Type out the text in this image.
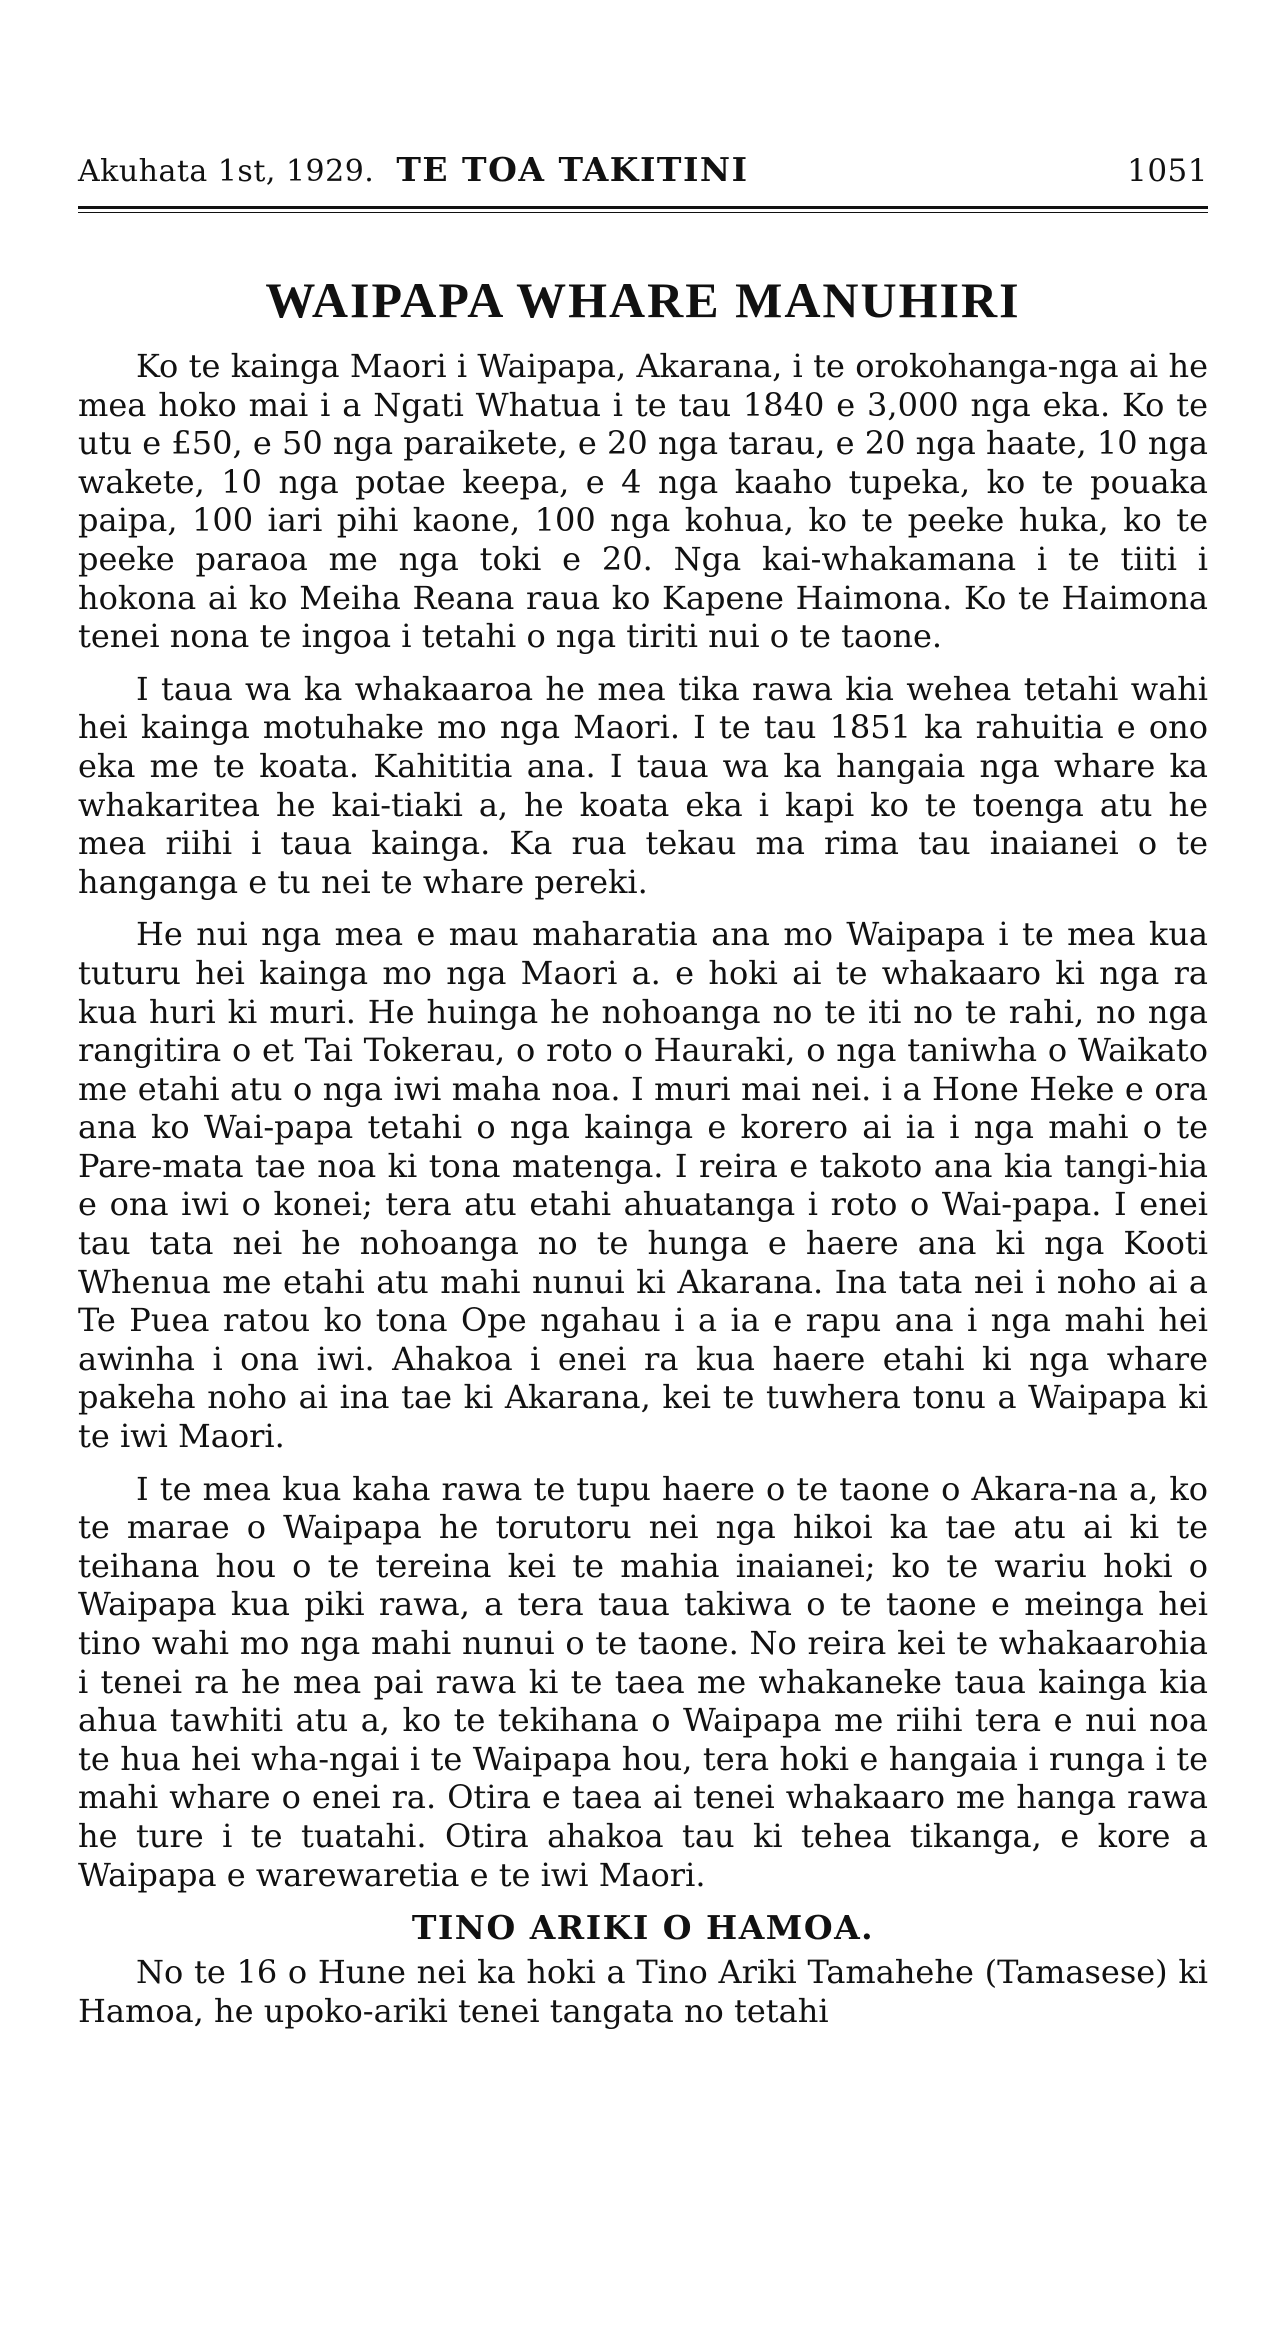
Akuhata 1st, 1929. TE TOA TAKITINI	1051
WAIPAPA WHARE MANUHIRI

Ko te kainga Maori i Waipapa, Akarana, i te orokohanga-nga ai he mea hoko mai i a Ngati Whatua i te tau 1840 e 3,000 nga eka. Ko te utu e £50, e 50 nga paraikete, e 20 nga tarau, e 20 nga haate, 10 nga wakete, 10 nga potae keepa, e 4 nga kaaho tupeka, ko te pouaka paipa, 100 iari pihi kaone, 100 nga kohua, ko te peeke huka, ko te peeke paraoa me nga toki e 20. Nga kai-whakamana i te tiiti i hokona ai ko Meiha Reana raua ko Kapene Haimona. Ko te Haimona tenei nona te ingoa i tetahi o nga tiriti nui o te taone.

I taua wa ka whakaaroa he mea tika rawa kia wehea tetahi wahi hei kainga motuhake mo nga Maori. I te tau 1851 ka rahuitia e ono eka me te koata. Kahititia ana. I taua wa ka hangaia nga whare ka whakaritea he kai-tiaki a, he koata eka i kapi ko te toenga atu he mea riihi i taua kainga. Ka rua tekau ma rima tau inaianei o te hanganga e tu nei te whare pereki.

He nui nga mea e mau maharatia ana mo Waipapa i te mea kua tuturu hei kainga mo nga Maori a. e hoki ai te whakaaro ki nga ra kua huri ki muri. He huinga he nohoanga no te iti no te rahi, no nga rangitira o et Tai Tokerau, o roto o Hauraki, o nga taniwha o Waikato me etahi atu o nga iwi maha noa. I muri mai nei. i a Hone Heke e ora ana ko Wai-papa tetahi o nga kainga e korero ai ia i nga mahi o te Pare-mata tae noa ki tona matenga. I reira e takoto ana kia tangi-hia e ona iwi o konei; tera atu etahi ahuatanga i roto o Wai-papa. I enei tau tata nei he nohoanga no te hunga e haere ana ki nga Kooti Whenua me etahi atu mahi nunui ki Akarana. Ina tata nei i noho ai a Te Puea ratou ko tona Ope ngahau i a ia e rapu ana i nga mahi hei awinha i ona iwi. Ahakoa i enei ra kua haere etahi ki nga whare pakeha noho ai ina tae ki Akarana, kei te tuwhera tonu a Waipapa ki te iwi Maori.

I te mea kua kaha rawa te tupu haere o te taone o Akara-na a, ko te marae o Waipapa he torutoru nei nga hikoi ka tae atu ai ki te teihana hou o te tereina kei te mahia inaianei; ko te wariu hoki o Waipapa kua piki rawa, a tera taua takiwa o te taone e meinga hei tino wahi mo nga mahi nunui o te taone. No reira kei te whakaarohia i tenei ra he mea pai rawa ki te taea me whakaneke taua kainga kia ahua tawhiti atu a, ko te tekihana o Waipapa me riihi tera e nui noa te hua hei wha-ngai i te Waipapa hou, tera hoki e hangaia i runga i te mahi whare o enei ra. Otira e taea ai tenei whakaaro me hanga rawa he ture i te tuatahi. Otira ahakoa tau ki tehea tikanga, e kore a Waipapa e warewaretia e te iwi Maori.

TINO ARIKI O HAMOA.

No te 16 o Hune nei ka hoki a Tino Ariki Tamahehe (Tamasese) ki Hamoa, he upoko-ariki tenei tangata no tetahi
